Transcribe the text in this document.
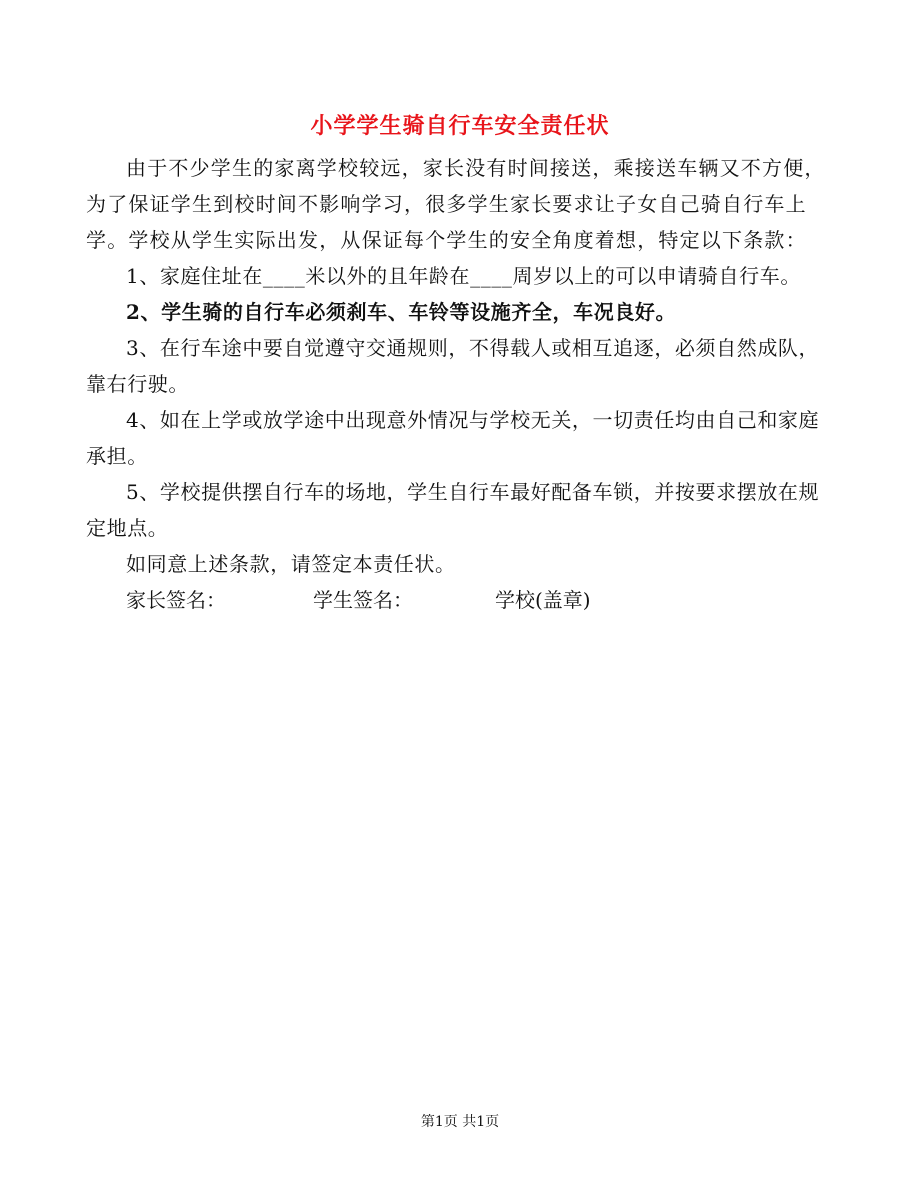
小学学生骑自行车安全责任状

由于不少学生的家离学校较远，家长没有时间接送，乘接送车辆又不方便，为了保证学生到校时间不影响学习，很多学生家长要求让子女自己骑自行车上学。学校从学生实际出发，从保证每个学生的安全角度着想，特定以下条款：

1、家庭住址在____米以外的且年龄在____周岁以上的可以申请骑自行车。

2、学生骑的自行车必须刹车、车铃等设施齐全，车况良好。

3、在行车途中要自觉遵守交通规则，不得载人或相互追逐，必须自然成队，靠右行驶。

4、如在上学或放学途中出现意外情况与学校无关，一切责任均由自己和家庭承担。

5、学校提供摆自行车的场地，学生自行车最好配备车锁，并按要求摆放在规定地点。

如同意上述条款，请签定本责任状。

家长签名：	学生签名：	学校(盖章)
第1页 共1页
